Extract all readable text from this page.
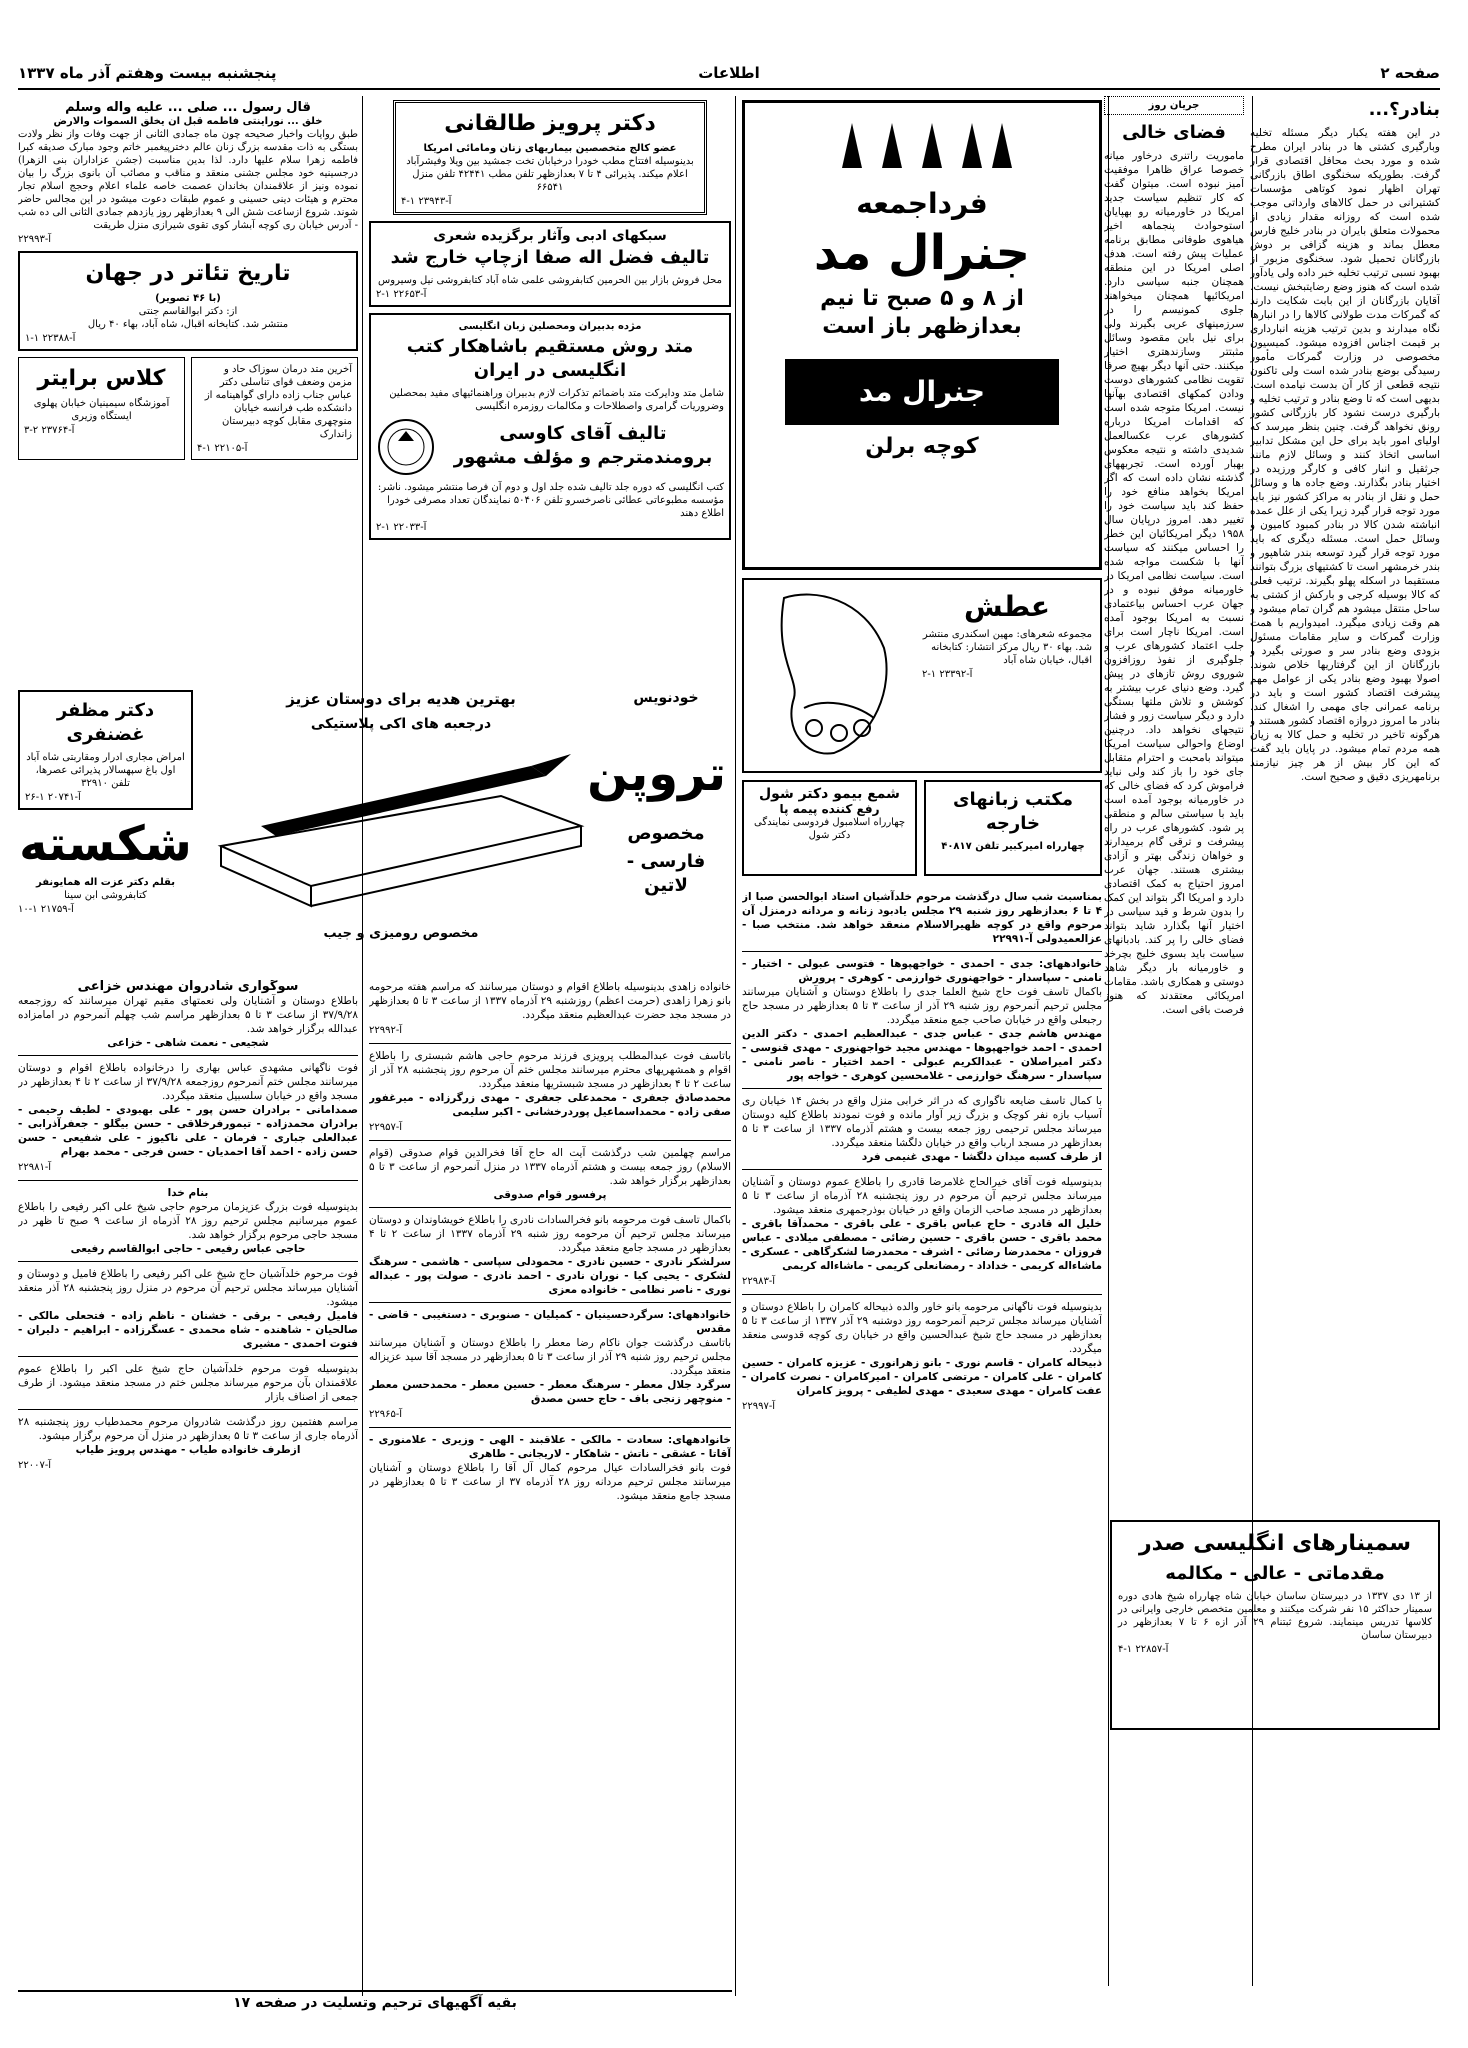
صفحه ۲
اطلاعات
پنجشنبه بیست وهفتم آذر ماه ۱۳۳۷
بنادر؟...
در این هفته یکبار دیگر مسئله تخلیه وبارگیری کشتی ها در بنادر ایران مطرح شده و مورد بحث محافل اقتصادی قرار گرفت. بطوریکه سخنگوی اطاق بازرگانی تهران اظهار نمود کوتاهی مؤسسات کشتیرانی در حمل کالاهای وارداتی موجب شده است که روزانه مقدار زیادی از محمولات متعلق بایران در بنادر خلیج فارس معطل بماند و هزینه گزافی بر دوش بازرگانان تحمیل شود. سخنگوی مزبور از بهبود نسبی ترتیب تخلیه خبر داده ولی یادآور شده است که هنوز وضع رضایتبخش نیست. آقایان بازرگانان از این بابت شکایت دارند که گمرکات مدت طولانی کالاها را در انبارها نگاه میدارند و بدین ترتیب هزینه انبارداری بر قیمت اجناس افزوده میشود. کمیسیون مخصوصی در وزارت گمرکات مأمور رسیدگی بوضع بنادر شده است ولی تاکنون نتیجه قطعی از کار آن بدست نیامده است. بدیهی است که تا وضع بنادر و ترتیب تخلیه و بارگیری درست نشود کار بازرگانی کشور رونق نخواهد گرفت. چنین بنظر میرسد که اولیای امور باید برای حل این مشکل تدابیر اساسی اتخاذ کنند و وسائل لازم مانند جرثقیل و انبار کافی و کارگر ورزیده در اختیار بنادر بگذارند. وضع جاده ها و وسائل حمل و نقل از بنادر به مراکز کشور نیز باید مورد توجه قرار گیرد زیرا یکی از علل عمده انباشته شدن کالا در بنادر کمبود کامیون و وسائل حمل است. مسئله دیگری که باید مورد توجه قرار گیرد توسعه بندر شاهپور و بندر خرمشهر است تا کشتیهای بزرگ بتوانند مستقیما در اسکله پهلو بگیرند. ترتیب فعلی که کالا بوسیله کرجی و بارکش از کشتی به ساحل منتقل میشود هم گران تمام میشود و هم وقت زیادی میگیرد. امیدواریم با همت وزارت گمرکات و سایر مقامات مسئول بزودی وضع بنادر سر و صورتی بگیرد و بازرگانان از این گرفتاریها خلاص شوند. اصولا بهبود وضع بنادر یکی از عوامل مهم پیشرفت اقتصاد کشور است و باید در برنامه عمرانی جای مهمی را اشغال کند. بنادر ما امروز دروازه اقتصاد کشور هستند و هرگونه تاخیر در تخلیه و حمل کالا به زیان همه مردم تمام میشود. در پایان باید گفت که این کار بیش از هر چیز نیازمند برنامهریزی دقیق و صحیح است.
جریان روز
فضای خالی
ماموریت راتنری درخاور میانه خصوصا عراق ظاهرا موفقیت آمیز نبوده است. میتوان گفت که کار تنظیم سیاست جدید امریکا در خاورمیانه رو بهپایان استوحوادث پنجماهه اخیر هیاهوی طوفانی مطابق برنامه عملیات پیش رفته است. هدف اصلی امریکا در این منطقه همچنان جنبه سیاسی دارد. امریکائیها همچنان میخواهند جلوی کمونیسم را در سرزمینهای عربی بگیرند ولی برای نیل باین مقصود وسائل مثبتتر وسازندهتری اختیار میکنند. حتی آنها دیگر بهیچ صرفا تقویت نظامی کشورهای دوست ودادن کمکهای اقتصادی بهآنها نیست. امریکا متوجه شده است که اقدامات امریکا درباره کشورهای عرب عکسالعمل شدیدی داشته و نتیجه معکوس بهبار آورده است. تجربههای گذشته نشان داده است که اگر امریکا بخواهد منافع خود را حفظ کند باید سیاست خود را تغییر دهد. امروز درپایان سال ۱۹۵۸ دیگر امریکائیان این خطر را احساس میکنند که سیاست آنها با شکست مواجه شده است. سیاست نظامی امریکا در خاورمیانه موفق نبوده و در جهان عرب احساس بیاعتمادی نسبت به امریکا بوجود آمده است. امریکا ناچار است برای جلب اعتماد کشورهای عرب و جلوگیری از نفوذ روزافزون شوروی روش تازهای در پیش گیرد. وضع دنیای عرب بیشتر به کوشش و تلاش ملتها بستگی دارد و دیگر سیاست زور و فشار نتیجهای نخواهد داد. درچنین اوضاع واحوالی سیاست امریکا میتواند بامحبت و احترام متقابل جای خود را باز کند ولی نباید فراموش کرد که فضای خالی که در خاورمیانه بوجود آمده است باید با سیاستی سالم و منطقی پر شود. کشورهای عرب در راه پیشرفت و ترقی گام برمیدارند و خواهان زندگی بهتر و آزادی بیشتری هستند. جهان عرب امروز احتیاج به کمک اقتصادی دارد و امریکا اگر بتواند این کمک را بدون شرط و قید سیاسی در اختیار آنها بگذارد شاید بتواند فضای خالی را پر کند. بادبانهای سیاست باید بسوی خلیج بچرخد و خاورمیانه بار دیگر شاهد دوستی و همکاری باشد. مقامات امریکائی معتقدند که هنوز فرصت باقی است.
سمینارهای انگلیسی صدر
مقدماتی - عالی - مکالمه
از ۱۳ دی ۱۳۳۷ در دبیرستان ساسان خیابان شاه چهارراه شیخ هادی دوره سمینار حداکثر ۱۵ نفر شرکت میکنند و معلمین متخصص خارجی وایرانی در کلاسها تدریس مینمایند. شروع ثبتنام ۲۹ آذر ازه ۶ تا ۷ بعدازظهر در دبیرستان ساسان
آ-۲۲۸۵۷ ۱-۴
فرداجمعه
جنرال مد
از ۸ و ۵ صبح تا نیم بعدازظهر باز است
جنرال مد
کوچه برلن
عطش
مجموعه شعرهای: مهین اسکندری منتشر شد. بهاء ۳۰ ریال مرکز انتشار: کتابخانه اقبال، خیابان شاه آباد
آ-۲۳۳۹۲ ۱-۲
شمع بیمو دکتر شول
رفع کننده پیمه پا
چهارراه اسلامبول فردوسی نمایندگی دکتر شول
مکتب زبانهای خارجه
چهارراه امیرکبیر تلفن ۴۰۸۱۷
دکتر پرویز طالقانی
عضو کالج متخصصین بیماریهای زنان ومامائی امریکا
بدینوسیله افتتاح مطب خودرا درخیابان تخت جمشید بین ویلا وفیشرآباد اعلام میکند. پذیرائی ۴ تا ۷ بعدازظهر تلفن مطب ۴۲۴۴۱ تلفن منزل ۶۶۵۴۱
آ-۲۳۹۴۳ ۱-۴
سبکهای ادبی وآثار برگزیده شعری
تالیف فضل اله صفا ازچاپ خارج شد
محل فروش بازار بین الحرمین کتابفروشی علمی شاه آباد کتابفروشی نیل وسیروس
آ-۲۲۶۵۳ ۱-۲
مژده بدبیران ومحصلین زبان انگلیسی
متد روش مستقیم باشاهکار کتب انگلیسی در ایران
شامل متد ودایرکت متد باضمائم تذکرات لازم بدبیران وراهنمائیهای مفید بمحصلین وضروریات گرامری واصطلاحات و مکالمات روزمره انگلیسی
تالیف آقای کاوسی برومندمترجم و مؤلف مشهور
کتب انگلیسی که دوره جلد تالیف شده جلد اول و دوم آن فرصا منتشر میشود. ناشر: مؤسسه مطبوعاتی عطائی ناصرخسرو تلفن ۵۰۴۰۶ نمایندگان تعداد مصرفی خودرا اطلاع دهند
آ-۲۲۰۳۳ ۱-۲
قال رسول ... صلی ... علیه واله وسلم
خلق ... نوراینتی فاطمه قبل ان یخلق السموات والارض
طبق روایات واخبار صحیحه چون ماه جمادی الثانی از جهت وفات واز نظر ولادت بستگی به ذات مقدسه بزرگ زنان عالم دخترپیغمبر خاتم وجود مبارک صدیقه کبرا فاطمه زهرا سلام علیها دارد. لذا بدین مناسبت (جشن عزاداران بنی الزهرا) درجسینیه خود مجلس جشنی منعقد و مناقب و مصائب آن بانوی بزرگ را بیان نموده ونیز از علاقمندان بخاندان عصمت خاصه علماء اعلام وحجج اسلام تجار محترم و هیئات دینی حسینی و عموم طبقات دعوت میشود در این مجالس حاضر شوند. شروع ازساعت شش الی ۹ بعدازظهر روز یازدهم جمادی الثانی الی ده شب - آدرس خیابان ری کوچه آبشار کوی تقوی شیرازی منزل طریقت
آ-۲۲۹۹۳
تاریخ تئاتر در جهان
(با ۴۶ تصویر)
از: دکتر ابوالقاسم جنتی
منتشر شد. کتابخانه اقبال، شاه آباد، بهاء ۴۰ ریال
آ-۲۲۳۸۸ ۱-۱
آخرین متد درمان سوزاک حاد و مزمن وضعف قوای تناسلی دکتر عباس جناب زاده دارای گواهینامه از دانشکده طب فرانسه خیابان منوچهری مقابل کوچه دبیرستان زاندارک
آ-۲۲۱۰۵ ۱-۴
کلاس برایتر
آموزشگاه سیمینیان خیابان پهلوی ایستگاه وزیری
آ-۲۳۷۶۴ ۲-۳
دکتر مظفر غضنفری
امراض مجاری ادرار ومقاربتی شاه آباد اول باغ سپهسالار پذیرائی عصرها، تلفن ۳۲۹۱۰
آ-۲۰۷۴۱ ۱-۲۶
شکسته
بقلم دکتر عزت اله همایونفر
کتابفروشی ابن سینا
آ-۲۱۷۵۹ ۱-۱۰
خودنویس
تروپن
مخصوص
فارسی - لاتین
بهترین هدیه برای دوستان عزیز
درجعبه های اکی پلاستیکی
مخصوص رومیزی و جیب
بمناسبت شب سال درگذشت مرحوم خلدآشیان استاد ابوالحسن صبا از ۴ تا ۶ بعدازظهر روز شنبه ۲۹ مجلس یادبود زنانه و مردانه درمنزل آن مرحوم واقع در کوچه ظهیرالاسلام منعقد خواهد شد. منتخب صبا - عزالعمیدولی آ-۲۲۹۹۱
خانوادههای: جدی - احمدی - خواجهپوها - فتوسی عبولی - اختیار - نامنی - سپاسدار - خواجهنوری خوارزمی - کوهری - پرورش
باکمال تاسف فوت حاج شیخ العلما جدی را باطلاع دوستان و آشنایان میرسانند مجلس ترحیم آنمرحوم روز شنبه ۲۹ آذر از ساعت ۳ تا ۵ بعدازظهر در مسجد حاج رجبعلی واقع در خیابان صاحب جمع منعقد میگردد.
مهندس هاشم جدی - عباس جدی - عبدالعظیم احمدی - دکتر الدین احمدی - احمد خواجهپوها - مهندس مجید خواجهنوری - مهدی قنوسی - دکتر امیراصلان - عبدالکریم عبولی - احمد اختیار - ناصر نامنی - سپاسدار - سرهنگ خوارزمی - غلامحسین کوهری - خواجه پور
با کمال تاسف ضایعه ناگواری که در اثر خرابی منزل واقع در بخش ۱۴ خیابان ری آسیاب بازه نفر کوچک و بزرگ زیر آوار مانده و فوت نمودند باطلاع کلیه دوستان میرساند مجلس ترحیمی روز جمعه بیست و هشتم آذرماه ۱۳۳۷ از ساعت ۳ تا ۵ بعدازظهر در مسجد ارباب واقع در خیابان دلگشا منعقد میگردد.
از طرف کسبه میدان دلگشا - مهدی غنیمی فرد
بدینوسیله فوت آقای خیرالحاج غلامرضا قادری را باطلاع عموم دوستان و آشنایان میرساند مجلس ترحیم آن مرحوم در روز پنجشنبه ۲۸ آذرماه از ساعت ۳ تا ۵ بعدازظهر در مسجد صاحب الزمان واقع در خیابان بوذرجمهری منعقد میشود.
خلیل اله قادری - حاج عباس باقری - علی باقری - محمدآقا باقری - محمد باقری - حسن باقری - حسین رضائی - مصطفی میلادی - عباس فروزان - محمدرضا رضائی - اشرف - محمدرضا لشکرگاهی - عسکری - ماشاءاله کریمی - خداداد - رمضانعلی کریمی - ماشاءاله کریمی
آ-۲۲۹۸۳
بدینوسیله فوت ناگهانی مرحومه بانو خاور والده ذبیحاله کامران را باطلاع دوستان و آشنایان میرساند مجلس ترحیم آنمرحومه روز دوشنبه ۲۹ آذر ۱۳۳۷ از ساعت ۳ تا ۵ بعدازظهر در مسجد حاج شیخ عبدالحسین واقع در خیابان ری کوچه قدوسی منعقد میگردد.
ذبیحاله کامران - قاسم نوری - بانو زهرانوری - عزیزه کامران - حسین کامران - علی کامران - مرتضی کامران - امیرکامران - نصرت کامران - عفت کامران - مهدی سعیدی - مهدی لطیفی - پرویز کامران
آ-۲۲۹۹۷
خانواده زاهدی بدینوسیله باطلاع اقوام و دوستان میرسانند که مراسم هفته مرحومه بانو زهرا زاهدی (حرمت اعظم) روزشنبه ۲۹ آذرماه ۱۳۳۷ از ساعت ۳ تا ۵ بعدازظهر در مسجد مجد حضرت عبدالعظیم منعقد میگردد.
آ-۲۲۹۹۲
باتاسف فوت عبدالمطلب پرویزی فرزند مرحوم حاجی هاشم شبستری را باطلاع اقوام و همشهریهای محترم میرسانند مجلس ختم آن مرحوم روز پنجشنبه ۲۸ آذر از ساعت ۲ تا ۴ بعدازظهر در مسجد شبستریها منعقد میگردد.
محمدصادق جعفری - محمدعلی جعفری - مهدی زرگرزاده - میرغفور صفی زاده - محمداسماعیل پوردرخشانی - اکبر سلیمی
آ-۲۲۹۵۷
مراسم چهلمین شب درگذشت آیت اله حاج آقا فخرالدین قوام صدوقی (قوام الاسلام) روز جمعه بیست و هشتم آذرماه ۱۳۳۷ در منزل آنمرحوم از ساعت ۳ تا ۵ بعدازظهر برگزار خواهد شد.
پرفسور قوام صدوقی
باکمال تاسف فوت مرحومه بانو فخرالسادات نادری را باطلاع خویشاوندان و دوستان میرساند مجلس ترحیم آن مرحومه روز شنبه ۲۹ آذرماه ۱۳۳۷ از ساعت ۲ تا ۴ بعدازظهر در مسجد جامع منعقد میگردد.
سرلشکر نادری - حسین نادری - محمودلی سپاسی - هاشمی - سرهنگ لشکری - یحیی کیا - نوران نادری - احمد نادری - صولت پور - عبداله نوری - ناصر نظامی - خانواده معزی
خانوادههای: سرگردحسینیان - کمیلیان - صنوبری - دستغیبی - قاضی - مقدس
باتاسف درگذشت جوان ناکام رضا معطر را باطلاع دوستان و آشنایان میرسانند مجلس ترحیم روز شنبه ۲۹ آذر از ساعت ۳ تا ۵ بعدازظهر در مسجد آقا سید عزیزاله منعقد میگردد.
سرگرد جلال معطر - سرهنگ معطر - حسین معطر - محمدحسن معطر - منوچهر زنجی باف - حاج حسن مصدق
آ-۲۲۹۶۵
خانوادههای: سعادت - مالکی - علاقبند - الهی - وزیری - علامنوری - آقاتا - عشقی - ناتش - شاهکار - لاریجانی - طاهری
فوت بانو فخرالسادات عیال مرحوم کمال آل آقا را باطلاع دوستان و آشنایان میرسانند مجلس ترحیم مردانه روز ۲۸ آذرماه ۳۷ از ساعت ۳ تا ۵ بعدازظهر در مسجد جامع منعقد میشود.
سوگواری شادروان مهندس خزاعی
باطلاع دوستان و آشنایان ولی نعمتهای مقیم تهران میرسانند که روزجمعه ۳۷/۹/۲۸ از ساعت ۳ تا ۵ بعدازظهر مراسم شب چهلم آنمرحوم در امامزاده عبدالله برگزار خواهد شد.
شجیعی - نعمت شاهی - خزاعی
فوت ناگهانی مشهدی عباس بهاری را درخانواده باطلاع اقوام و دوستان میرسانند مجلس ختم آنمرحوم روزجمعه ۳۷/۹/۲۸ از ساعت ۲ تا ۴ بعدازظهر در مسجد واقع در خیابان سلسبیل منعقد میگردد.
صمدامانی - برادران حسن پور - علی بهبودی - لطیف رحیمی - برادران محمدزاده - تیمورفرخلاقی - حسن بیگلو - جعفرآذرابی - عبدالعلی جباری - فرمان - علی ناکیوز - علی شفیعی - حسن حسن زاده - احمد آقا احمدیان - حسن فرجی - محمد بهرام
آ-۲۲۹۸۱
بنام خدا
بدینوسیله فوت بزرگ عزیزمان مرحوم حاجی شیخ علی اکبر رفیعی را باطلاع عموم میرسانیم مجلس ترحیم روز ۲۸ آذرماه از ساعت ۹ صبح تا ظهر در مسجد حاجی مرحوم برگزار خواهد شد.
حاجی عباس رفیعی - حاجی ابوالقاسم رفیعی
فوت مرحوم خلدآشیان حاج شیخ علی اکبر رفیعی را باطلاع فامیل و دوستان و آشنایان میرساند مجلس ترحیم آن مرحوم در منزل روز پنجشنبه ۲۸ آذر منعقد میشود.
فامیل رفیعی - برقی - خشنان - ناظم زاده - فتحعلی مالکی - صالحیان - شاهنده - شاه محمدی - عسگرزاده - ابراهیم - دلیران - فتوت احمدی - مشیری
بدینوسیله فوت مرحوم خلدآشیان حاج شیخ علی اکبر را باطلاع عموم علاقمندان بآن مرحوم میرساند مجلس ختم در مسجد منعقد میشود. از طرف جمعی از اصناف بازار
مراسم هفتمین روز درگذشت شادروان مرحوم محمدطیاب روز پنجشنبه ۲۸ آذرماه جاری از ساعت ۳ تا ۵ بعدازظهر در منزل آن مرحوم برگزار میشود.
ازطرف خانواده طیاب - مهندس پرویز طیاب
آ-۲۲۰۰۷
بقیه آگهیهای ترحیم وتسلیت در صفحه ۱۷
